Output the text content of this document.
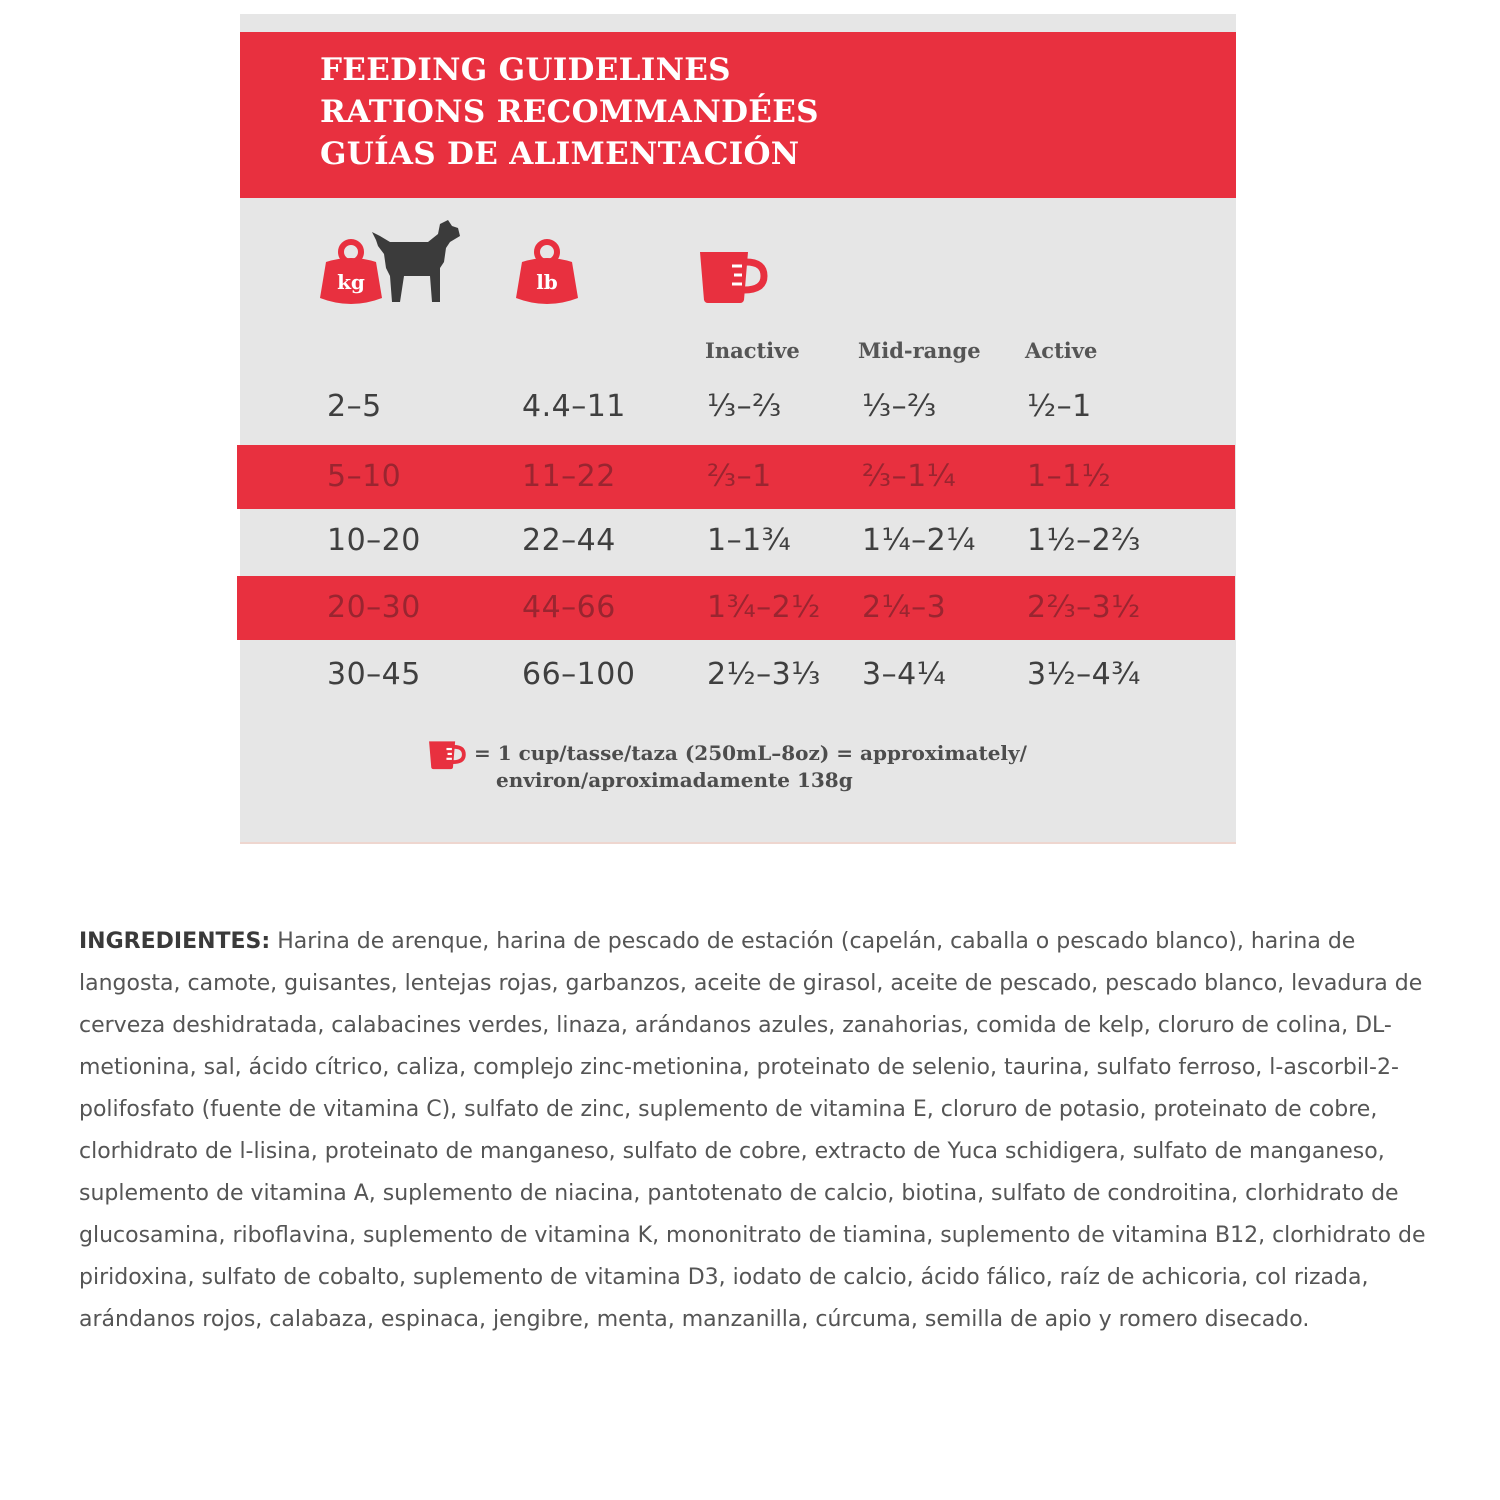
FEEDING GUIDELINES
RATIONS RECOMMANDÉES
GUÍAS DE ALIMENTACIÓN
kg	lb
Inactive	Mid-range Active
2–5	4.4–11	⅓–⅔	⅓–⅔	½–1
5–10	11–22	⅔–1	⅔–1¼ 1–1½
10–20	22–44	1–1¾ 1¼–2¼ 1½–2⅔
20–30	44–66	1¾–2½ 2¼–3	2⅔–3½
30–45	66–100 2½–3⅓ 3–4¼	3½–4¾
= 1 cup/tasse/taza (250mL–8oz) = approximately/
environ/aproximadamente 138g
INGREDIENTES: Harina de arenque, harina de pescado de estación (capelán, caballa o pescado blanco), harina de langosta, camote, guisantes, lentejas rojas, garbanzos, aceite de girasol, aceite de pescado, pescado blanco, levadura de cerveza deshidratada, calabacines verdes, linaza, arándanos azules, zanahorias, comida de kelp, cloruro de colina, DL-metionina, sal, ácido cítrico, caliza, complejo zinc-metionina, proteinato de selenio, taurina, sulfato ferroso, l-ascorbil-2-polifosfato (fuente de vitamina C), sulfato de zinc, suplemento de vitamina E, cloruro de potasio, proteinato de cobre, clorhidrato de l-lisina, proteinato de manganeso, sulfato de cobre, extracto de Yuca schidigera, sulfato de manganeso, suplemento de vitamina A, suplemento de niacina, pantotenato de calcio, biotina, sulfato de condroitina, clorhidrato de glucosamina, riboflavina, suplemento de vitamina K, mononitrato de tiamina, suplemento de vitamina B12, clorhidrato de piridoxina, sulfato de cobalto, suplemento de vitamina D3, iodato de calcio, ácido fálico, raíz de achicoria, col rizada, arándanos rojos, calabaza, espinaca, jengibre, menta, manzanilla, cúrcuma, semilla de apio y romero disecado.
